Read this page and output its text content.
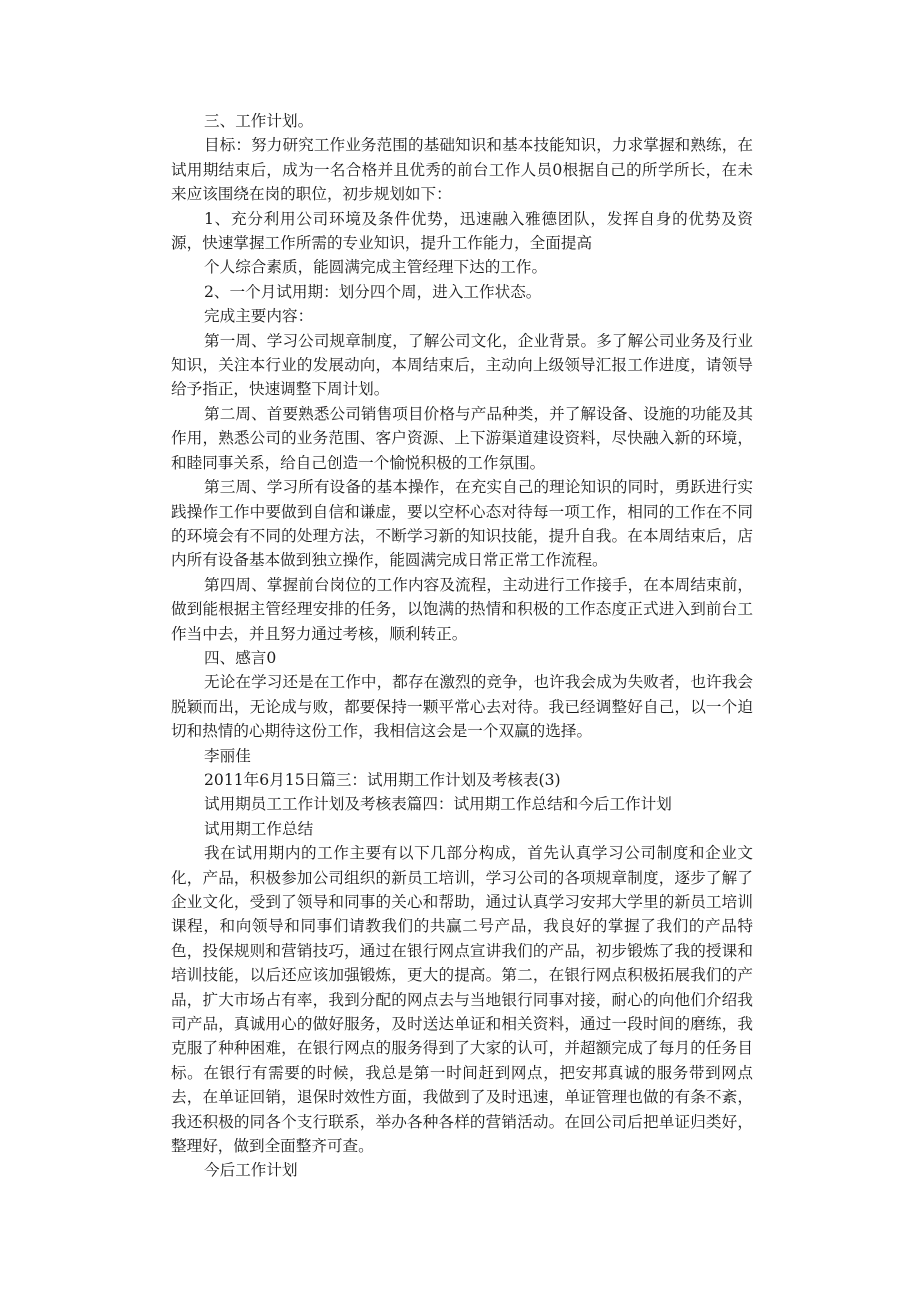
三、工作计划。

目标：努力研究工作业务范围的基础知识和基本技能知识，力求掌握和熟练，在试用期结束后，成为一名合格并且优秀的前台工作人员0根据自己的所学所长，在未来应该围绕在岗的职位，初步规划如下：

1、充分利用公司环境及条件优势，迅速融入雅德团队，发挥自身的优势及资源，快速掌握工作所需的专业知识，提升工作能力，全面提高

个人综合素质，能圆满完成主管经理下达的工作。

2、一个月试用期：划分四个周，进入工作状态。

完成主要内容：

第一周、学习公司规章制度，了解公司文化，企业背景。多了解公司业务及行业知识，关注本行业的发展动向，本周结束后，主动向上级领导汇报工作进度，请领导给予指正，快速调整下周计划。

第二周、首要熟悉公司销售项目价格与产品种类，并了解设备、设施的功能及其作用，熟悉公司的业务范围、客户资源、上下游渠道建设资料，尽快融入新的环境，和睦同事关系，给自己创造一个愉悦积极的工作氛围。

第三周、学习所有设备的基本操作，在充实自己的理论知识的同时，勇跃进行实践操作工作中要做到自信和谦虚，要以空杯心态对待每一项工作，相同的工作在不同的环境会有不同的处理方法，不断学习新的知识技能，提升自我。在本周结束后，店内所有设备基本做到独立操作，能圆满完成日常正常工作流程。

第四周、掌握前台岗位的工作内容及流程，主动进行工作接手，在本周结束前，做到能根据主管经理安排的任务，以饱满的热情和积极的工作态度正式进入到前台工作当中去，并且努力通过考核，顺利转正。

四、感言0

无论在学习还是在工作中，都存在激烈的竞争，也许我会成为失败者，也许我会脱颖而出，无论成与败，都要保持一颗平常心去对待。我已经调整好自己，以一个迫切和热情的心期待这份工作，我相信这会是一个双赢的选择。

李丽佳

2011年6月15日篇三：试用期工作计划及考核表(3)

试用期员工工作计划及考核表篇四：试用期工作总结和今后工作计划

试用期工作总结

我在试用期内的工作主要有以下几部分构成，首先认真学习公司制度和企业文化，产品，积极参加公司组织的新员工培训，学习公司的各项规章制度，逐步了解了企业文化，受到了领导和同事的关心和帮助，通过认真学习安邦大学里的新员工培训课程，和向领导和同事们请教我们的共赢二号产品，我良好的掌握了我们的产品特色，投保规则和营销技巧，通过在银行网点宣讲我们的产品，初步锻炼了我的授课和培训技能，以后还应该加强锻炼，更大的提高。第二，在银行网点积极拓展我们的产品，扩大市场占有率，我到分配的网点去与当地银行同事对接，耐心的向他们介绍我司产品，真诚用心的做好服务，及时送达单证和相关资料，通过一段时间的磨练，我克服了种种困难，在银行网点的服务得到了大家的认可，并超额完成了每月的任务目标。在银行有需要的时候，我总是第一时间赶到网点，把安邦真诚的服务带到网点去，在单证回销，退保时效性方面，我做到了及时迅速，单证管理也做的有条不紊，我还积极的同各个支行联系，举办各种各样的营销活动。在回公司后把单证归类好，整理好，做到全面整齐可查。

今后工作计划
